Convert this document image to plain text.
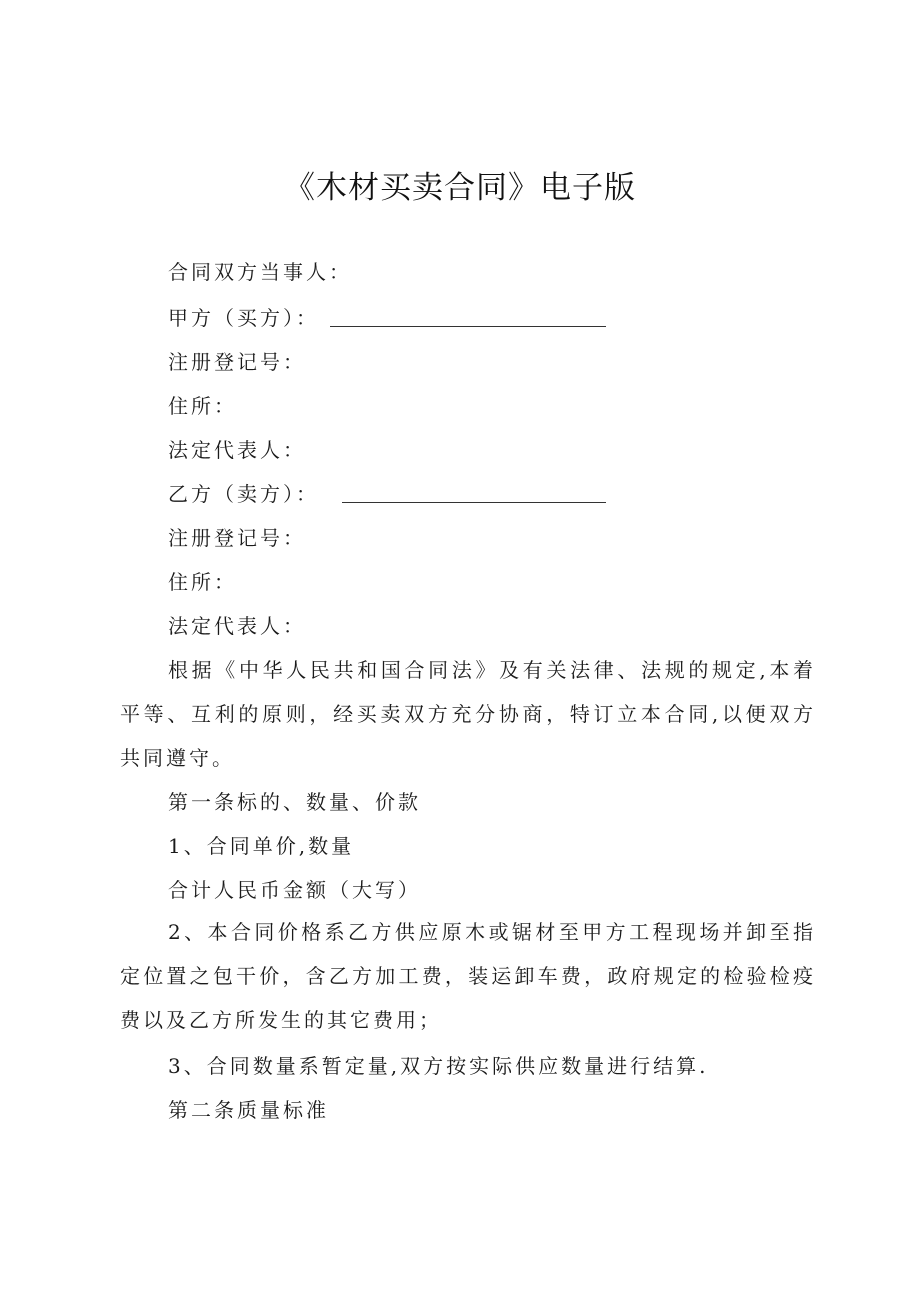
《木材买卖合同》电子版
合同双方当事人：
甲方（买方）：
注册登记号：
住所：
法定代表人：
乙方（卖方）：
注册登记号：
住所：
法定代表人：
根据《中华人民共和国合同法》及有关法律、法规的规定,本着平等、互利的原则，经买卖双方充分协商，特订立本合同,以便双方共同遵守。
第一条标的、数量、价款
1、合同单价,数量
合计人民币金额（大写）
2、本合同价格系乙方供应原木或锯材至甲方工程现场并卸至指定位置之包干价，含乙方加工费，装运卸车费，政府规定的检验检疫费以及乙方所发生的其它费用；
3、合同数量系暂定量,双方按实际供应数量进行结算.
第二条质量标准
